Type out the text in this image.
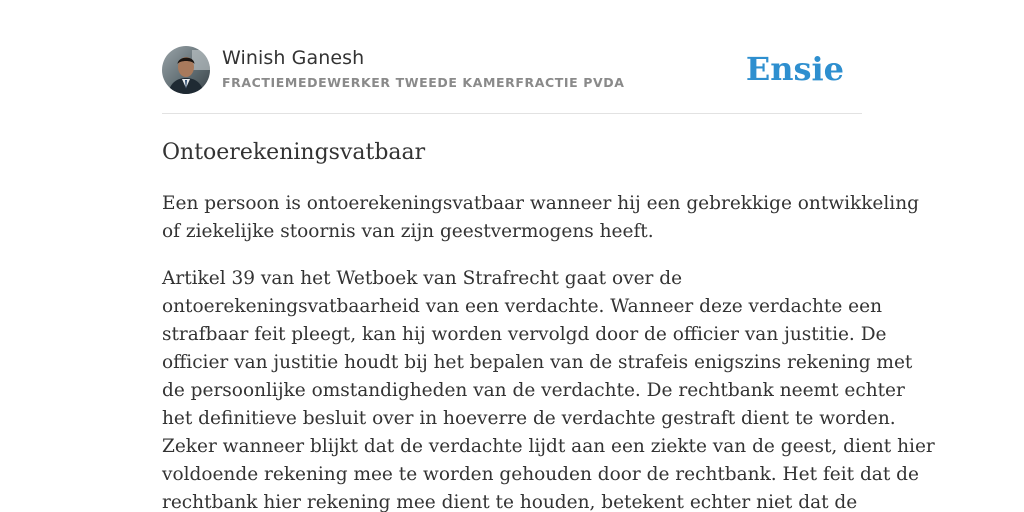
Winish Ganesh
FRACTIEMEDEWERKER TWEEDE KAMERFRACTIE PVDA	Ensie
Ontoerekeningsvatbaar

Een persoon is ontoerekeningsvatbaar wanneer hij een gebrekkige ontwikkeling
of ziekelijke stoornis van zijn geestvermogens heeft.

Artikel 39 van het Wetboek van Strafrecht gaat over de
ontoerekeningsvatbaarheid van een verdachte. Wanneer deze verdachte een
strafbaar feit pleegt, kan hij worden vervolgd door de officier van justitie. De
officier van justitie houdt bij het bepalen van de strafeis enigszins rekening met
de persoonlijke omstandigheden van de verdachte. De rechtbank neemt echter
het definitieve besluit over in hoeverre de verdachte gestraft dient te worden.
Zeker wanneer blijkt dat de verdachte lijdt aan een ziekte van de geest, dient hier
voldoende rekening mee te worden gehouden door de rechtbank. Het feit dat de
rechtbank hier rekening mee dient te houden, betekent echter niet dat de
